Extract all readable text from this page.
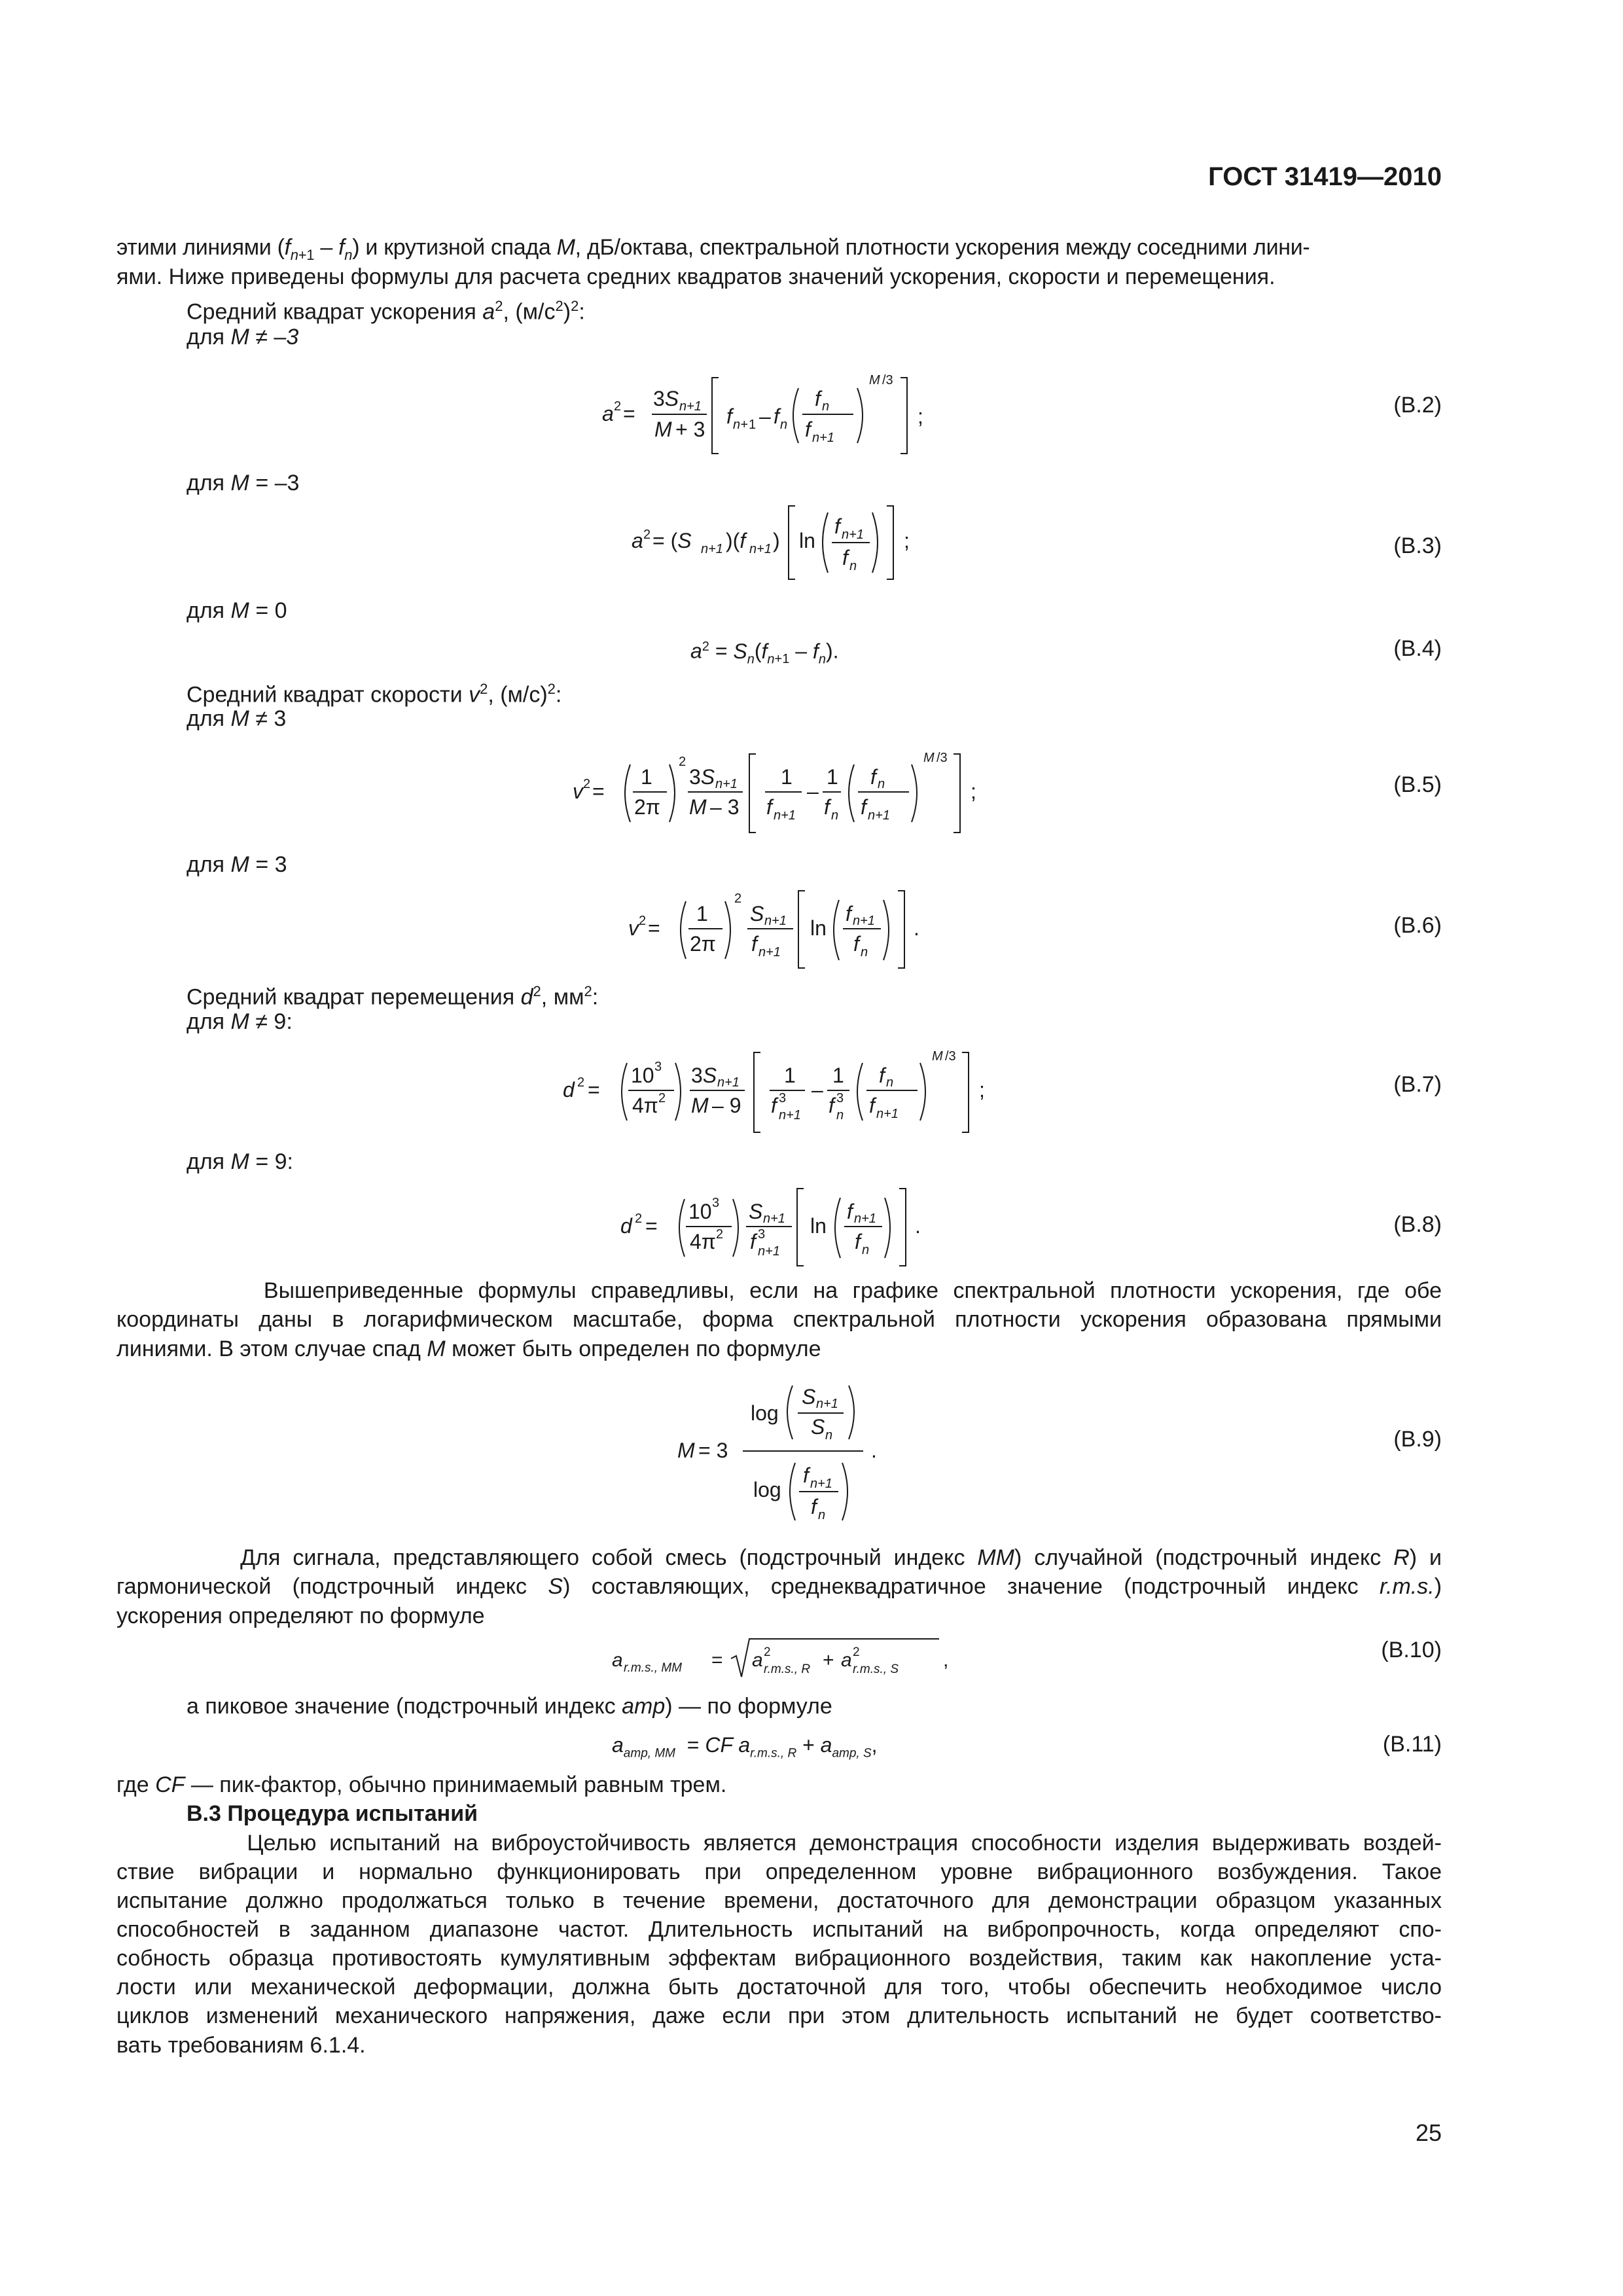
ГОСТ 31419—2010
этими линиями $(f_{n+1} - f_n)$ и крутизной спада M, дБ/октава, спектральной плотности ускорения между соседними лини-
ями. Ниже приведены формулы для расчета средних квадратов значений ускорения, скорости и перемещения.
Средний квадрат ускорения $a^2$, $(м/с^2)^2$:
для M ≠ –3
a 2 =
3S n+1
M + 3
f n+ 1 – f n
f n
f n+1
M /3
;	(B.2)
для M = –3
a 2 = (S n+1 )(f n+1 ) ln
f n+1
f n
;	(B.3)
для M = 0
$a^2 = S_n(f_{n+1} - f_n)$.	(B.4)
Средний квадрат скорости $v^2$, $(м/с)^2$:
для M ≠ 3
v 2 =
1
2π
2
3S n+1
M – 3
1
f n+1
–
1
f n
f n
f n+1
M /3
;	(B.5)
для M = 3
v 2 =
1
2π
2
S n+1
f n+1
ln
f n+1
f n
.	(B.6)
Средний квадрат перемещения $d^2$, $мм^2$:
для M ≠ 9:
d 2 =
10 3
4π 2
3S n+1
M – 9
1
f 3
n+1
–
1
f 3
n
f n
f n+1
M /3
;	(B.7)
для M = 9:
d 2 =
10 3
4π 2
S n+1
f 3
n+1
ln
f n+1
f n
.	(B.8)
Вышеприведенные формулы справедливы, если на графике спектральной плотности ускорения, где обе
координаты даны в логарифмическом масштабе, форма спектральной плотности ускорения образована прямыми
линиями. В этом случае спад M может быть определен по формуле
log
S n+1
S n
M = 3
log
f n+1
f n
.	(B.9)
Для сигнала, представляющего собой смесь (подстрочный индекс MM) случайной (подстрочный индекс R) и
гармонической (подстрочный индекс S) составляющих, среднеквадратичное значение (подстрочный индекс r.m.s.)
ускорения определяют по формуле
a r.m.s., MM = a 2
r.m.s., R + a 2
r.m.s., S ,	(B.10)
а пиковое значение (подстрочный индекс amp) — по формуле
$a_{amp, MM}$  = CF $a_{r.m.s., R} + a_{amp, S}$,	(B.11)
где CF — пик-фактор, обычно принимаемый равным трем.
В.3 Процедура испытаний
Целью испытаний на виброустойчивость является демонстрация способности изделия выдерживать воздей-
ствие вибрации и нормально функционировать при определенном уровне вибрационного возбуждения. Такое
испытание должно продолжаться только в течение времени, достаточного для демонстрации образцом указанных
способностей в заданном диапазоне частот. Длительность испытаний на вибропрочность, когда определяют спо-
собность образца противостоять кумулятивным эффектам вибрационного воздействия, таким как накопление уста-
лости или механической деформации, должна быть достаточной для того, чтобы обеспечить необходимое число
циклов изменений механического напряжения, даже если при этом длительность испытаний не будет соответство-
вать требованиям 6.1.4.
25
